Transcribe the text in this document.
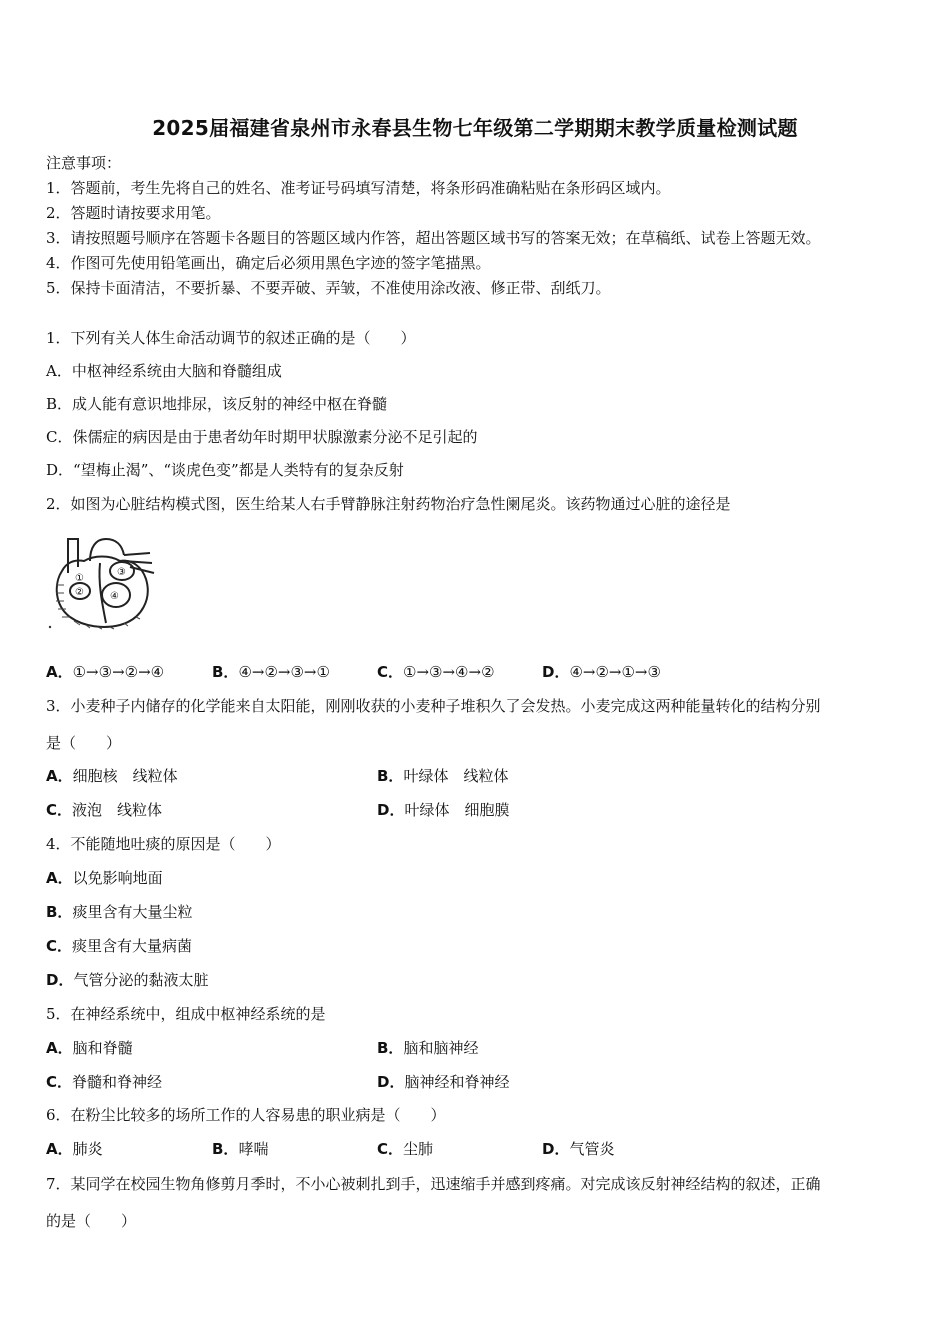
2025届福建省泉州市永春县生物七年级第二学期期末教学质量检测试题
注意事项：
1．答题前，考生先将自己的姓名、准考证号码填写清楚，将条形码准确粘贴在条形码区域内。
2．答题时请按要求用笔。
3．请按照题号顺序在答题卡各题目的答题区域内作答，超出答题区域书写的答案无效；在草稿纸、试卷上答题无效。
4．作图可先使用铅笔画出，确定后必须用黑色字迹的签字笔描黑。
5．保持卡面清洁，不要折暴、不要弄破、弄皱，不准使用涂改液、修正带、刮纸刀。
1．下列有关人体生命活动调节的叙述正确的是（　　）
A．中枢神经系统由大脑和脊髓组成
B．成人能有意识地排尿，该反射的神经中枢在脊髓
C．侏儒症的病因是由于患者幼年时期甲状腺激素分泌不足引起的
D．“望梅止渴”、“谈虎色变”都是人类特有的复杂反射
2．如图为心脏结构模式图，医生给某人右手臂静脉注射药物治疗急性阑尾炎。该药物通过心脏的途径是
①
②
③
④
A．①→③→②→④	B．④→②→③→①	C．①→③→④→②	D．④→②→①→③
3．小麦种子内储存的化学能来自太阳能，刚刚收获的小麦种子堆积久了会发热。小麦完成这两种能量转化的结构分别
是（　　）
A．细胞核　线粒体	B．叶绿体　线粒体
C．液泡　线粒体	D．叶绿体　细胞膜
4．不能随地吐痰的原因是（　　）
A．以免影响地面
B．痰里含有大量尘粒
C．痰里含有大量病菌
D．气管分泌的黏液太脏
5．在神经系统中，组成中枢神经系统的是
A．脑和脊髓	B．脑和脑神经
C．脊髓和脊神经	D．脑神经和脊神经
6．在粉尘比较多的场所工作的人容易患的职业病是（　　）
A．肺炎	B．哮喘	C．尘肺	D．气管炎
7．某同学在校园生物角修剪月季时，不小心被刺扎到手，迅速缩手并感到疼痛。对完成该反射神经结构的叙述，正确
的是（　　）
